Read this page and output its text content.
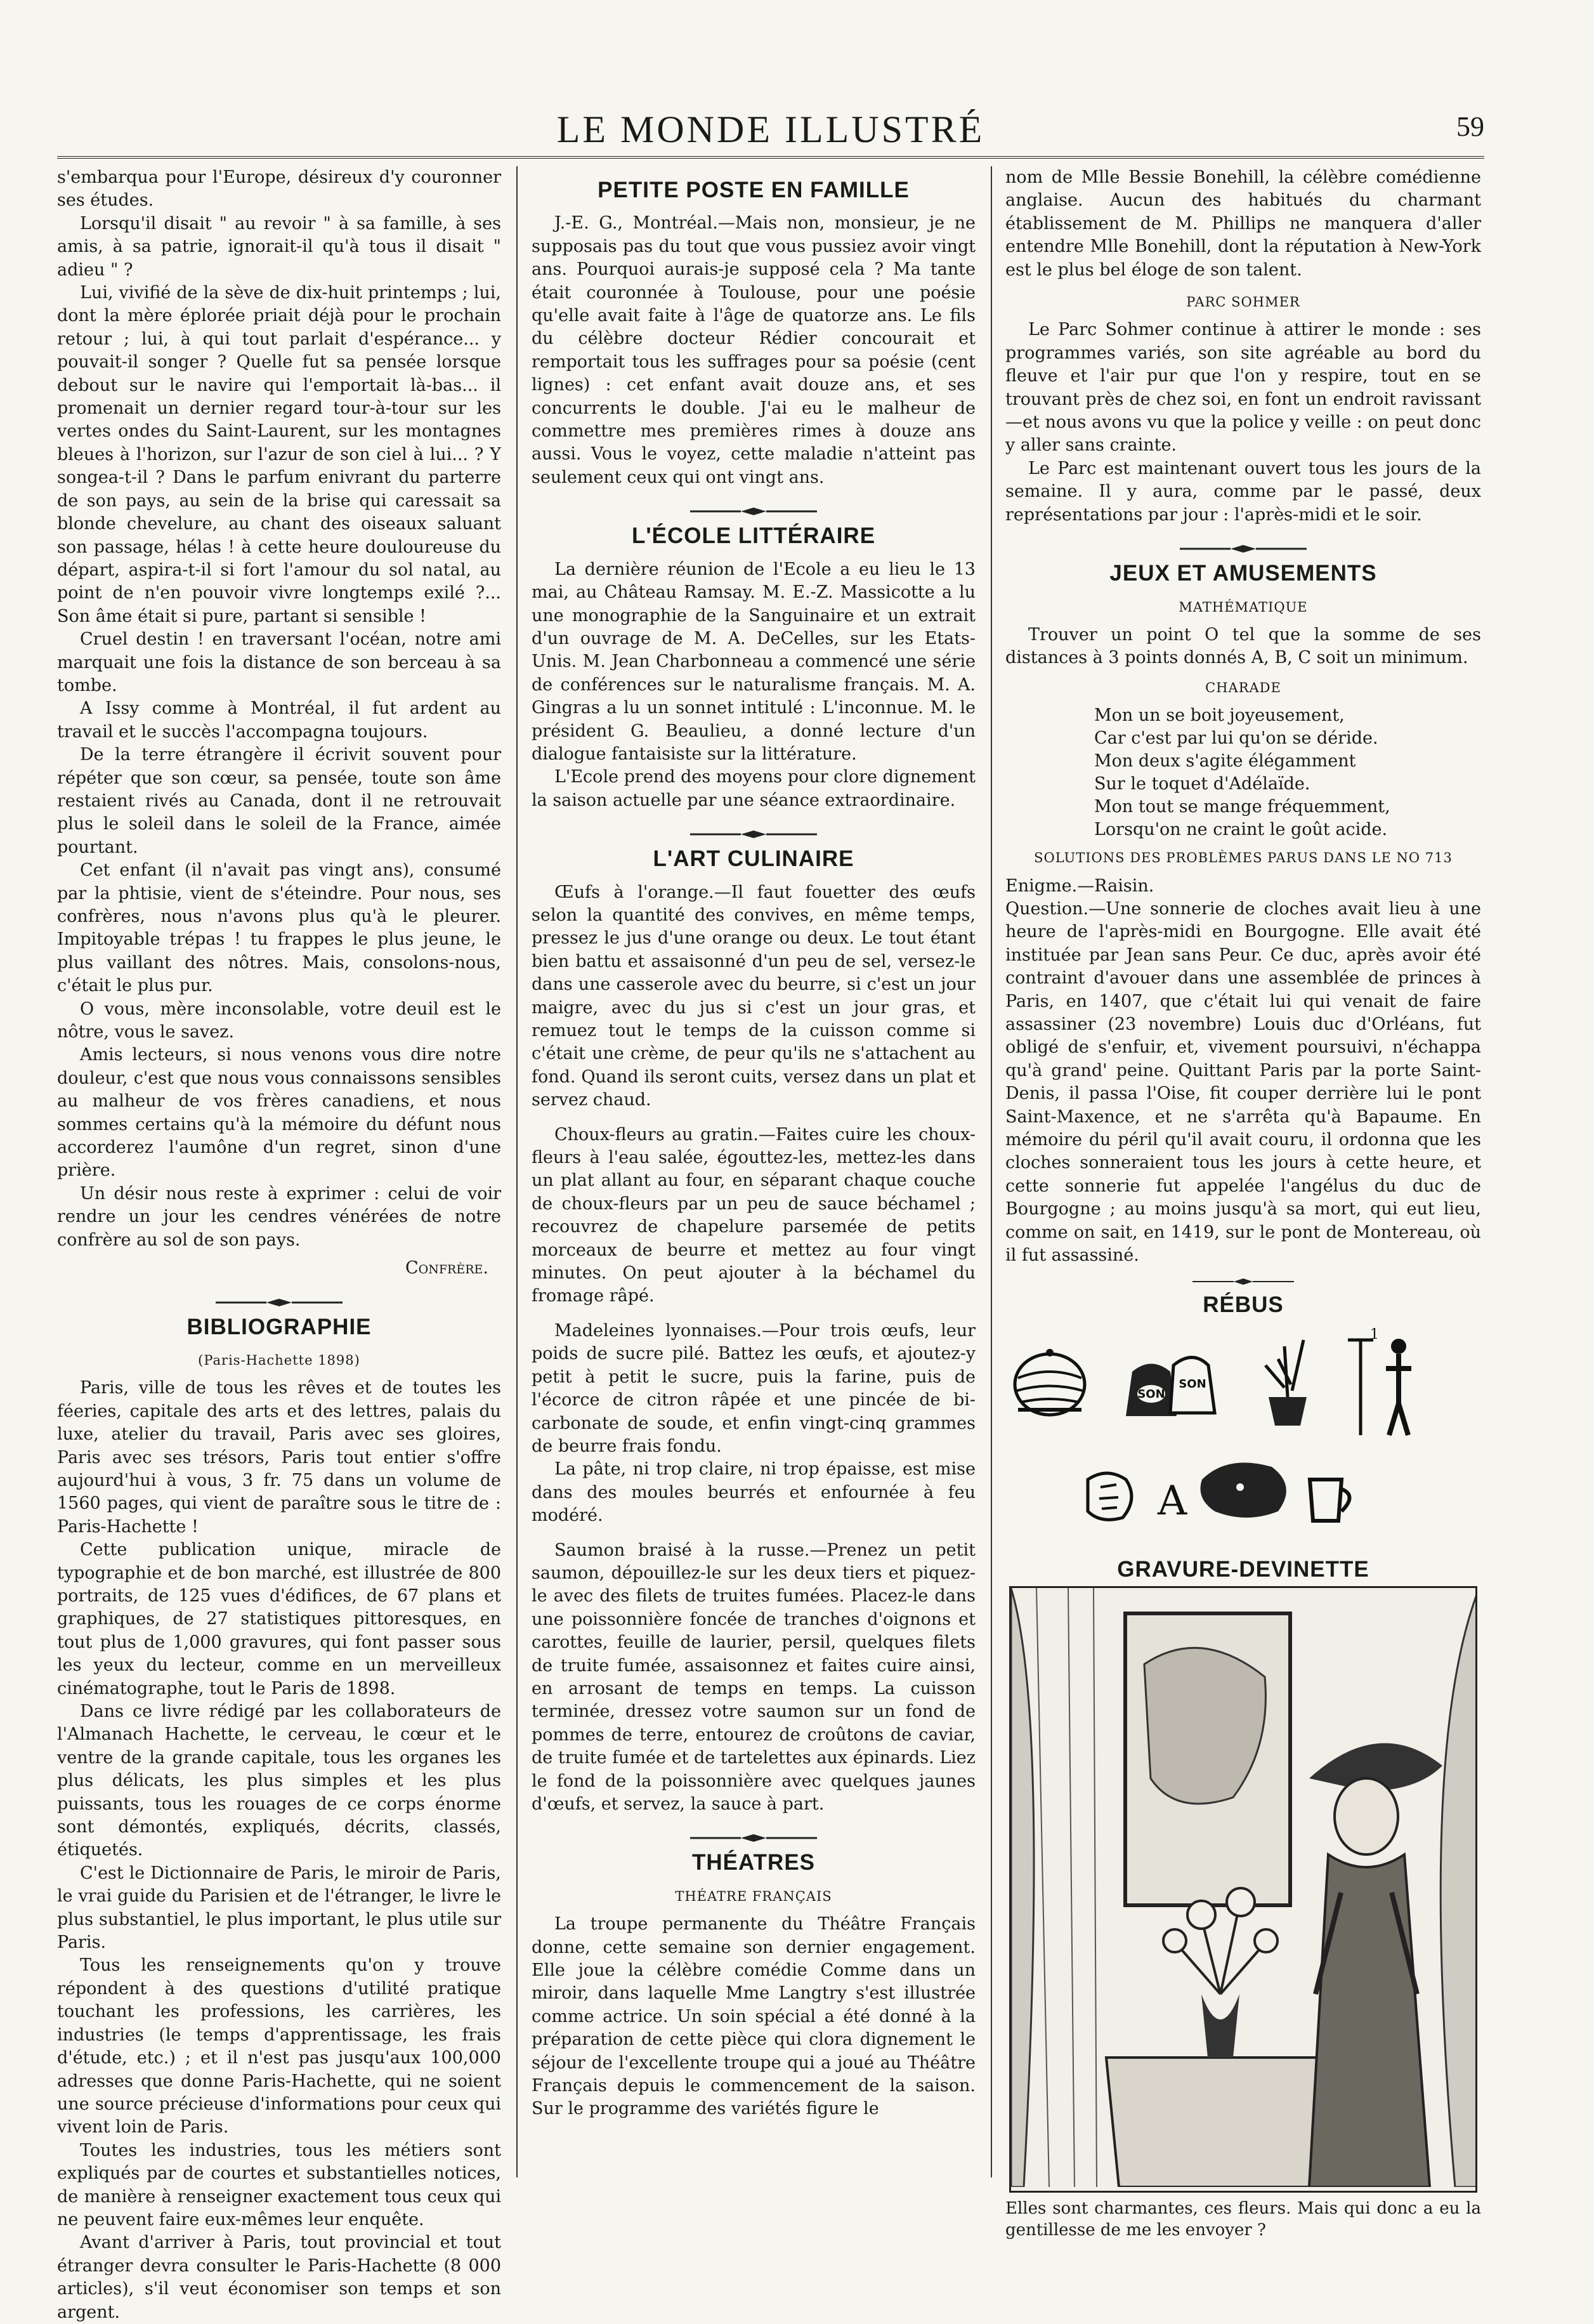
LE MONDE ILLUSTRÉ	59

s'embarqua pour l'Europe, désireux d'y couronner ses études.

Lorsqu'il disait " au revoir " à sa famille, à ses amis, à sa patrie, ignorait-il qu'à tous il disait " adieu " ?

Lui, vivifié de la sève de dix-huit printemps ; lui, dont la mère éplorée priait déjà pour le prochain retour ; lui, à qui tout parlait d'espérance... y pouvait-il songer ? Quelle fut sa pensée lorsque debout sur le navire qui l'emportait là-bas... il promenait un dernier regard tour-à-tour sur les vertes ondes du Saint-Laurent, sur les montagnes bleues à l'horizon, sur l'azur de son ciel à lui... ? Y songea-t-il ? Dans le parfum enivrant du parterre de son pays, au sein de la brise qui caressait sa blonde chevelure, au chant des oiseaux saluant son passage, hélas ! à cette heure douloureuse du départ, aspira-t-il si fort l'amour du sol natal, au point de n'en pouvoir vivre longtemps exilé ?... Son âme était si pure, partant si sensible !

Cruel destin ! en traversant l'océan, notre ami marquait une fois la distance de son berceau à sa tombe.

A Issy comme à Montréal, il fut ardent au travail et le succès l'accompagna toujours.

De la terre étrangère il écrivit souvent pour répéter que son cœur, sa pensée, toute son âme restaient rivés au Canada, dont il ne retrouvait plus le soleil dans le soleil de la France, aimée pourtant.

Cet enfant (il n'avait pas vingt ans), consumé par la phtisie, vient de s'éteindre. Pour nous, ses confrères, nous n'avons plus qu'à le pleurer. Impitoyable trépas ! tu frappes le plus jeune, le plus vaillant des nôtres. Mais, consolons-nous, c'était le plus pur.

O vous, mère inconsolable, votre deuil est le nôtre, vous le savez.

Amis lecteurs, si nous venons vous dire notre douleur, c'est que nous vous connaissons sensibles au malheur de vos frères canadiens, et nous sommes certains qu'à la mémoire du défunt nous accorderez l'aumône d'un regret, sinon d'une prière.

Un désir nous reste à exprimer : celui de voir rendre un jour les cendres vénérées de notre confrère au sol de son pays.

Confrère.
BIBLIOGRAPHIE
(Paris-Hachette 1898)

Paris, ville de tous les rêves et de toutes les féeries, capitale des arts et des lettres, palais du luxe, atelier du travail, Paris avec ses gloires, Paris avec ses trésors, Paris tout entier s'offre aujourd'hui à vous, 3 fr. 75 dans un volume de 1560 pages, qui vient de paraître sous le titre de : Paris-Hachette !

Cette publication unique, miracle de typographie et de bon marché, est illustrée de 800 portraits, de 125 vues d'édifices, de 67 plans et graphiques, de 27 statistiques pittoresques, en tout plus de 1,000 gravures, qui font passer sous les yeux du lecteur, comme en un merveilleux cinématographe, tout le Paris de 1898.

Dans ce livre rédigé par les collaborateurs de l'Almanach Hachette, le cerveau, le cœur et le ventre de la grande capitale, tous les organes les plus délicats, les plus simples et les plus puissants, tous les rouages de ce corps énorme sont démontés, expliqués, décrits, classés, étiquetés.

C'est le Dictionnaire de Paris, le miroir de Paris, le vrai guide du Parisien et de l'étranger, le livre le plus substantiel, le plus important, le plus utile sur Paris.

Tous les renseignements qu'on y trouve répondent à des questions d'utilité pratique touchant les professions, les carrières, les industries (le temps d'apprentissage, les frais d'étude, etc.) ; et il n'est pas jusqu'aux 100,000 adresses que donne Paris-Hachette, qui ne soient une source précieuse d'informations pour ceux qui vivent loin de Paris.

Toutes les industries, tous les métiers sont expliqués par de courtes et substantielles notices, de manière à renseigner exactement tous ceux qui ne peuvent faire eux-mêmes leur enquête.

Avant d'arriver à Paris, tout provincial et tout étranger devra consulter le Paris-Hachette (8 000 articles), s'il veut économiser son temps et son argent.

PETITE POSTE EN FAMILLE

J.-E. G., Montréal.—Mais non, monsieur, je ne supposais pas du tout que vous pussiez avoir vingt ans. Pourquoi aurais-je supposé cela ? Ma tante était couronnée à Toulouse, pour une poésie qu'elle avait faite à l'âge de quatorze ans. Le fils du célèbre docteur Rédier concourait et remportait tous les suffrages pour sa poésie (cent lignes) : cet enfant avait douze ans, et ses concurrents le double. J'ai eu le malheur de commettre mes premières rimes à douze ans aussi. Vous le voyez, cette maladie n'atteint pas seulement ceux qui ont vingt ans.

L'ÉCOLE LITTÉRAIRE

La dernière réunion de l'Ecole a eu lieu le 13 mai, au Château Ramsay. M. E.-Z. Massicotte a lu une monographie de la Sanguinaire et un extrait d'un ouvrage de M. A. DeCelles, sur les Etats-Unis. M. Jean Charbonneau a commencé une série de conférences sur le naturalisme français. M. A. Gingras a lu un sonnet intitulé : L'inconnue. M. le président G. Beaulieu, a donné lecture d'un dialogue fantaisiste sur la littérature.

L'Ecole prend des moyens pour clore dignement la saison actuelle par une séance extraordinaire.

L'ART CULINAIRE

Œufs à l'orange.—Il faut fouetter des œufs selon la quantité des convives, en même temps, pressez le jus d'une orange ou deux. Le tout étant bien battu et assaisonné d'un peu de sel, versez-le dans une casserole avec du beurre, si c'est un jour maigre, avec du jus si c'est un jour gras, et remuez tout le temps de la cuisson comme si c'était une crème, de peur qu'ils ne s'attachent au fond. Quand ils seront cuits, versez dans un plat et servez chaud.

Choux-fleurs au gratin.—Faites cuire les choux-fleurs à l'eau salée, égouttez-les, mettez-les dans un plat allant au four, en séparant chaque couche de choux-fleurs par un peu de sauce béchamel ; recouvrez de chapelure parsemée de petits morceaux de beurre et mettez au four vingt minutes. On peut ajouter à la béchamel du fromage râpé.

Madeleines lyonnaises.—Pour trois œufs, leur poids de sucre pilé. Battez les œufs, et ajoutez-y petit à petit le sucre, puis la farine, puis de l'écorce de citron râpée et une pincée de bi-carbonate de soude, et enfin vingt-cinq grammes de beurre frais fondu.

La pâte, ni trop claire, ni trop épaisse, est mise dans des moules beurrés et enfournée à feu modéré.

Saumon braisé à la russe.—Prenez un petit saumon, dépouillez-le sur les deux tiers et piquez-le avec des filets de truites fumées. Placez-le dans une poissonnière foncée de tranches d'oignons et carottes, feuille de laurier, persil, quelques filets de truite fumée, assaisonnez et faites cuire ainsi, en arrosant de temps en temps. La cuisson terminée, dressez votre saumon sur un fond de pommes de terre, entourez de croûtons de caviar, de truite fumée et de tartelettes aux épinards. Liez le fond de la poissonnière avec quelques jaunes d'œufs, et servez, la sauce à part.

THÉATRES
THÉATRE FRANÇAIS

La troupe permanente du Théâtre Français donne, cette semaine son dernier engagement. Elle joue la célèbre comédie Comme dans un miroir, dans laquelle Mme Langtry s'est illustrée comme actrice. Un soin spécial a été donné à la préparation de cette pièce qui clora dignement le séjour de l'excellente troupe qui a joué au Théâtre Français depuis le commencement de la saison. Sur le programme des variétés figure le

nom de Mlle Bessie Bonehill, la célèbre comédienne anglaise. Aucun des habitués du charmant établissement de M. Phillips ne manquera d'aller entendre Mlle Bonehill, dont la réputation à New-York est le plus bel éloge de son talent.

PARC SOHMER

Le Parc Sohmer continue à attirer le monde : ses programmes variés, son site agréable au bord du fleuve et l'air pur que l'on y respire, tout en se trouvant près de chez soi, en font un endroit ravissant—et nous avons vu que la police y veille : on peut donc y aller sans crainte.

Le Parc est maintenant ouvert tous les jours de la semaine. Il y aura, comme par le passé, deux représentations par jour : l'après-midi et le soir.

JEUX ET AMUSEMENTS
MATHÉMATIQUE

Trouver un point O tel que la somme de ses distances à 3 points donnés A, B, C soit un minimum.

CHARADE
Mon un se boit joyeusement,
Car c'est par lui qu'on se déride.
Mon deux s'agite élégamment
Sur le toquet d'Adélaïde.
Mon tout se mange fréquemment,
Lorsqu'on ne craint le goût acide.
SOLUTIONS DES PROBLÈMES PARUS DANS LE NO 713

Enigme.—Raisin.

Question.—Une sonnerie de cloches avait lieu à une heure de l'après-midi en Bourgogne. Elle avait été instituée par Jean sans Peur. Ce duc, après avoir été contraint d'avouer dans une assemblée de princes à Paris, en 1407, que c'était lui qui venait de faire assassiner (23 novembre) Louis duc d'Orléans, fut obligé de s'enfuir, et, vivement poursuivi, n'échappa qu'à grand' peine. Quittant Paris par la porte Saint-Denis, il passa l'Oise, fit couper derrière lui le pont Saint-Maxence, et ne s'arrêta qu'à Bapaume. En mémoire du péril qu'il avait couru, il ordonna que les cloches sonneraient tous les jours à cette heure, et cette sonnerie fut appelée l'angélus du duc de Bourgogne ; au moins jusqu'à sa mort, qui eut lieu, comme on sait, en 1419, sur le pont de Montereau, où il fut assassiné.

RÉBUS
SON
SON
1
A
GRAVURE-DEVINETTE
Elles sont charmantes, ces fleurs. Mais qui donc a eu la gentillesse de me les envoyer ?
